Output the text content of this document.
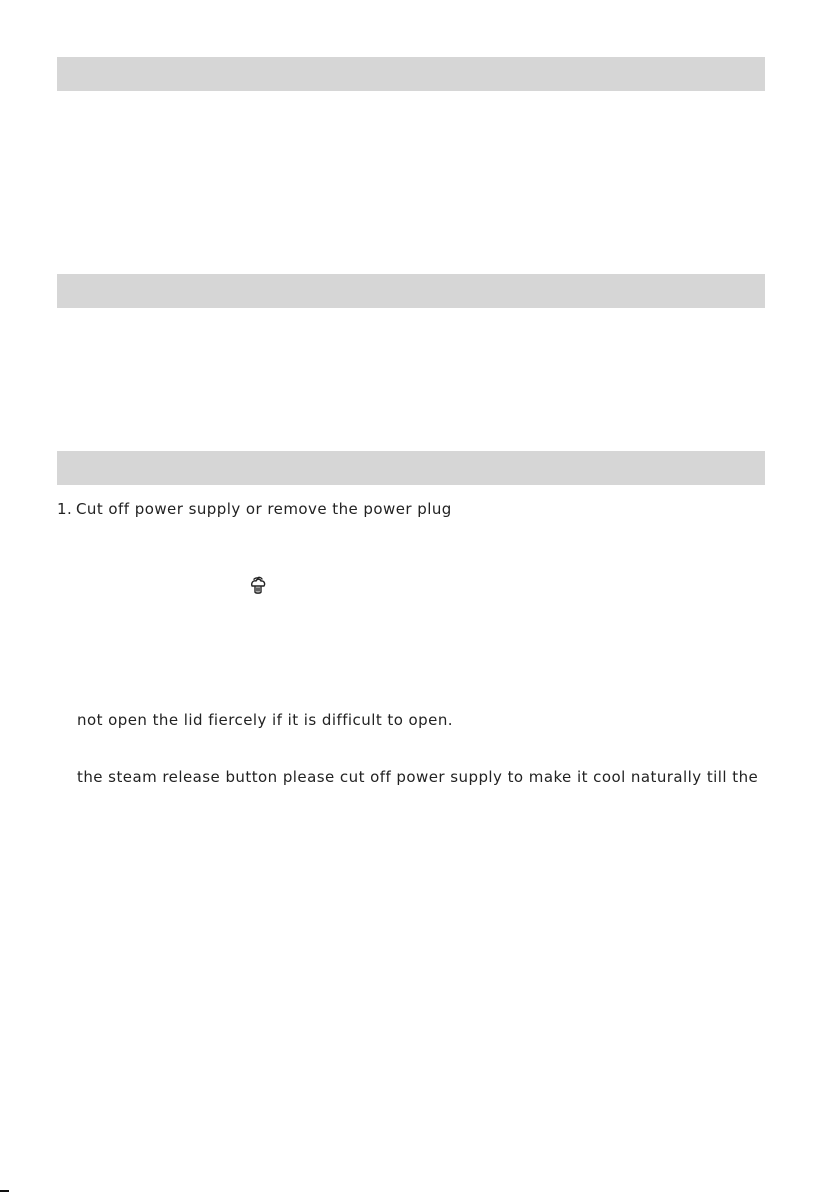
1. Cut off power supply or remove the power plug
not open the lid fiercely if it is difficult to open.
the steam release button please cut off power supply to make it cool naturally till the
